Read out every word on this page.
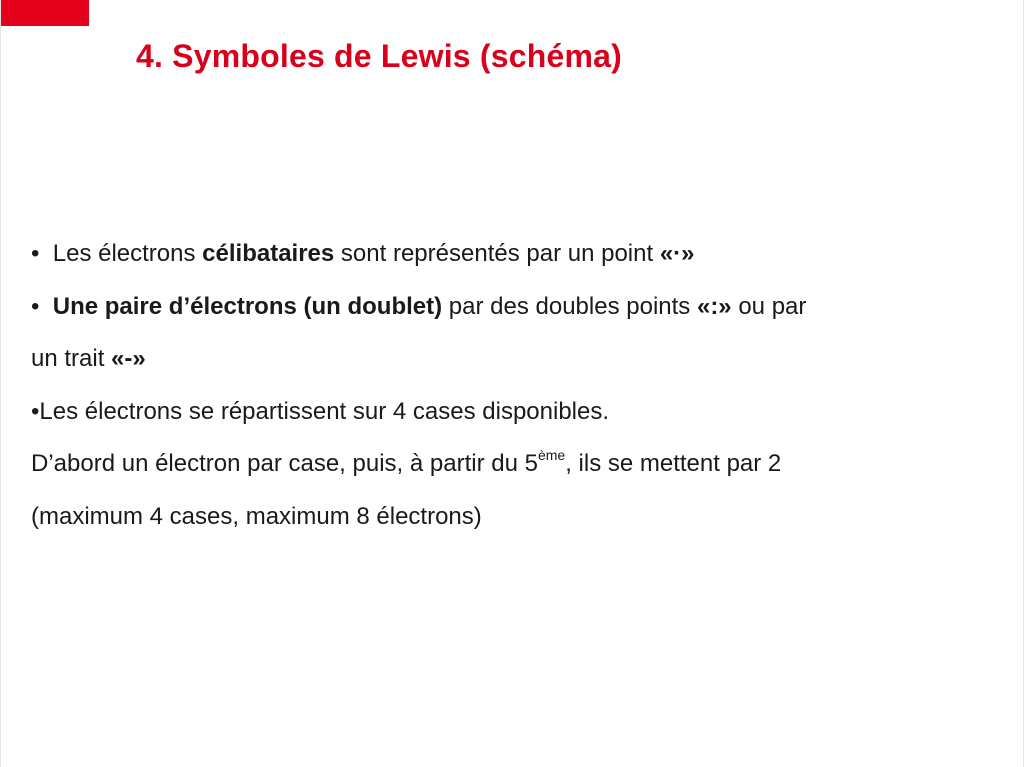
4. Symboles de Lewis (schéma)

• Les électrons célibataires sont représentés par un point «·»

• Une paire d’électrons (un doublet) par des doubles points «:» ou par

un trait «-»

•Les électrons se répartissent sur 4 cases disponibles.

D’abord un électron par case, puis, à partir du 5ème, ils se mettent par 2

(maximum 4 cases, maximum 8 électrons)
